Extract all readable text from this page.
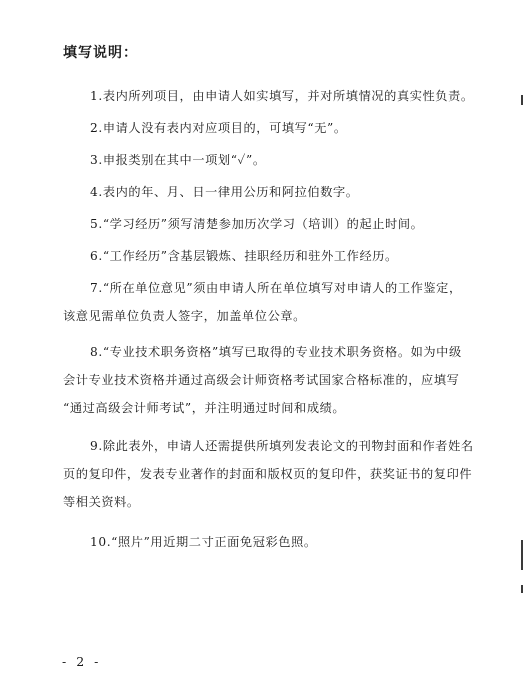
填写说明：
1.表内所列项目，由申请人如实填写，并对所填情况的真实性负责。
2.申请人没有表内对应项目的，可填写“无”。
3.申报类别在其中一项划“✓”。
4.表内的年、月、日一律用公历和阿拉伯数字。
5.“学习经历”须写清楚参加历次学习（培训）的起止时间。
6.“工作经历”含基层锻炼、挂职经历和驻外工作经历。
7.“所在单位意见”须由申请人所在单位填写对申请人的工作鉴定，
该意见需单位负责人签字，加盖单位公章。
8.“专业技术职务资格”填写已取得的专业技术职务资格。如为中级
会计专业技术资格并通过高级会计师资格考试国家合格标准的，应填写
“通过高级会计师考试”，并注明通过时间和成绩。
9.除此表外，申请人还需提供所填列发表论文的刊物封面和作者姓名
页的复印件，发表专业著作的封面和版权页的复印件，获奖证书的复印件
等相关资料。
10.“照片”用近期二寸正面免冠彩色照。
- 2 -
